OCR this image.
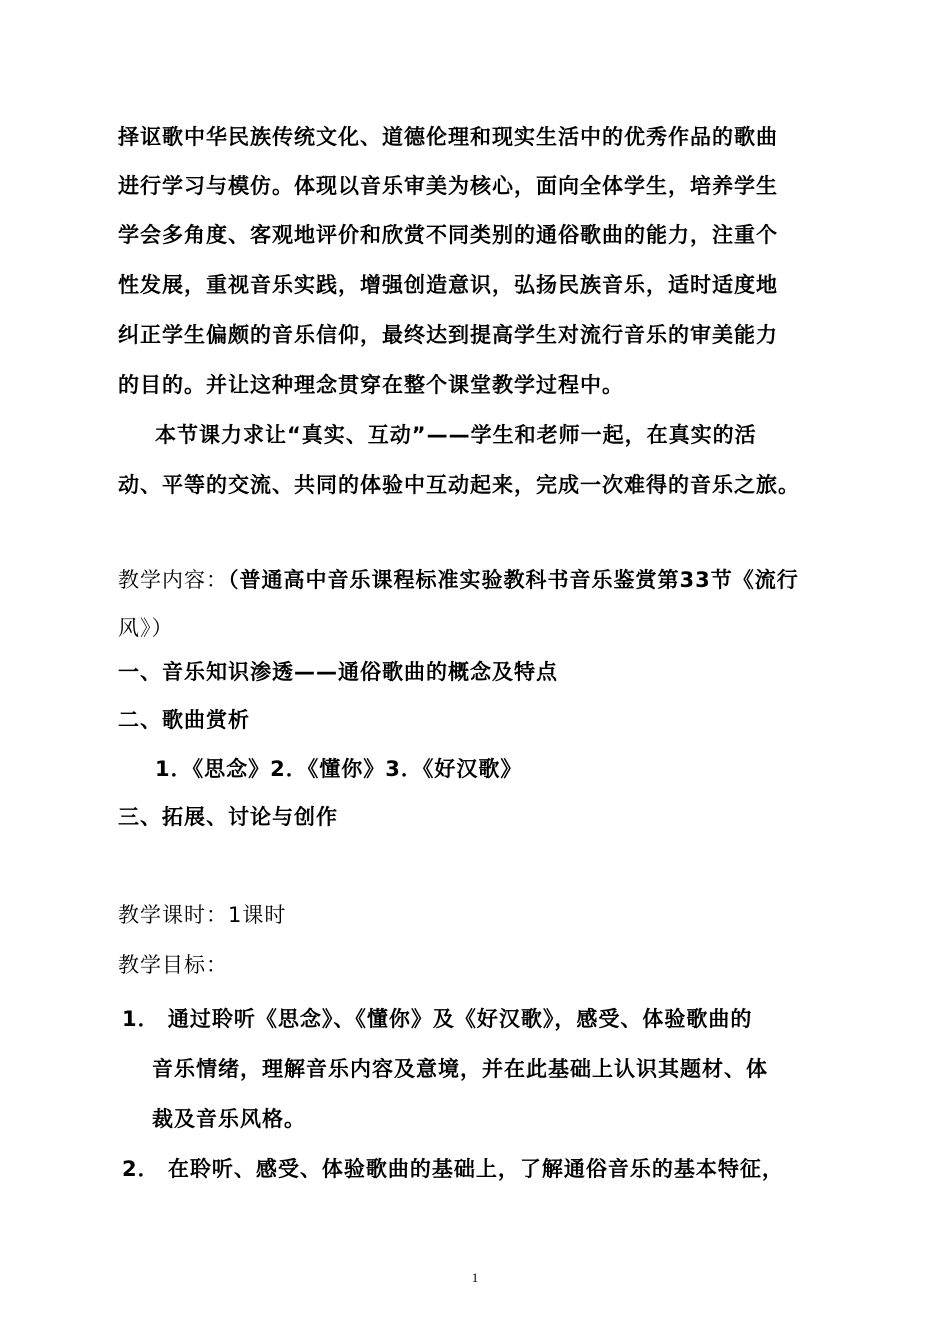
择讴歌中华民族传统文化、道德伦理和现实生活中的优秀作品的歌曲
进行学习与模仿。体现以音乐审美为核心，面向全体学生，培养学生
学会多角度、客观地评价和欣赏不同类别的通俗歌曲的能力，注重个
性发展，重视音乐实践，增强创造意识，弘扬民族音乐，适时适度地
纠正学生偏颇的音乐信仰，最终达到提高学生对流行音乐的审美能力
的目的。并让这种理念贯穿在整个课堂教学过程中。
本节课力求让“真实、互动”——学生和老师一起，在真实的活
动、平等的交流、共同的体验中互动起来，完成一次难得的音乐之旅。
教学内容：（普通高中音乐课程标准实验教科书音乐鉴赏第33节《流行
风》）
一、音乐知识渗透——通俗歌曲的概念及特点
二、歌曲赏析
1．《思念》2．《懂你》3．《好汉歌》
三、拓展、讨论与创作
教学课时：1课时
教学目标：
1． 通过聆听《思念》、《懂你》及《好汉歌》，感受、体验歌曲的
音乐情绪，理解音乐内容及意境，并在此基础上认识其题材、体
裁及音乐风格。
2． 在聆听、感受、体验歌曲的基础上，了解通俗音乐的基本特征，
1
